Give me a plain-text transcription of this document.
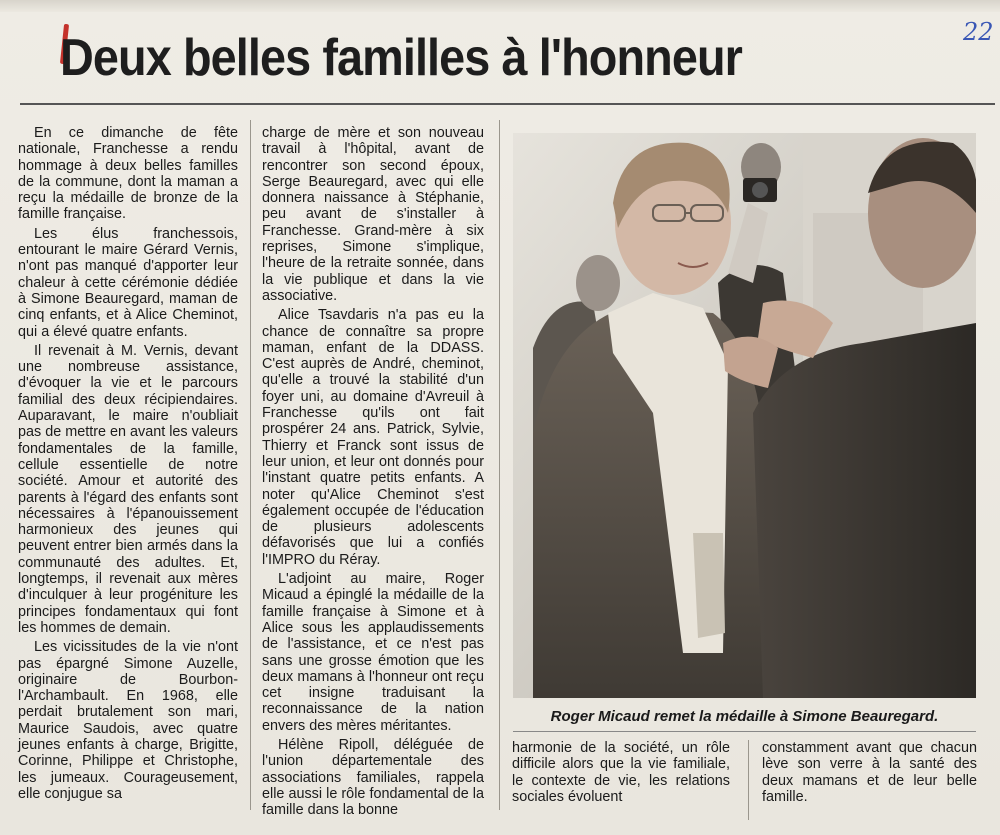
Deux belles familles à l'honneur	22

En ce dimanche de fête nationale, Franchesse a rendu hommage à deux belles familles de la commune, dont la maman a reçu la médaille de bronze de la famille française.

Les élus franchessois, entourant le maire Gérard Vernis, n'ont pas manqué d'apporter leur chaleur à cette cérémonie dédiée à Simone Beauregard, maman de cinq enfants, et à Alice Cheminot, qui a élevé quatre enfants.

Il revenait à M. Vernis, devant une nombreuse assistance, d'évoquer la vie et le parcours familial des deux récipiendaires. Auparavant, le maire n'oubliait pas de mettre en avant les valeurs fondamentales de la famille, cellule essentielle de notre société. Amour et autorité des parents à l'égard des enfants sont nécessaires à l'épanouissement harmonieux des jeunes qui peuvent entrer bien armés dans la communauté des adultes. Et, longtemps, il revenait aux mères d'inculquer à leur progéniture les principes fondamentaux qui font les hommes de demain.

Les vicissitudes de la vie n'ont pas épargné Simone Auzelle, originaire de Bourbon-l'Archambault. En 1968, elle perdait brutalement son mari, Maurice Saudois, avec quatre jeunes enfants à charge, Brigitte, Corinne, Philippe et Christophe, les jumeaux. Courageusement, elle conjugue sa

charge de mère et son nouveau travail à l'hôpital, avant de rencontrer son second époux, Serge Beauregard, avec qui elle donnera naissance à Stéphanie, peu avant de s'installer à Franchesse. Grand-mère à six reprises, Simone s'implique, l'heure de la retraite sonnée, dans la vie publique et dans la vie associative.

Alice Tsavdaris n'a pas eu la chance de connaître sa propre maman, enfant de la DDASS. C'est auprès de André, cheminot, qu'elle a trouvé la stabilité d'un foyer uni, au domaine d'Avreuil à Franchesse qu'ils ont fait prospérer 24 ans. Patrick, Sylvie, Thierry et Franck sont issus de leur union, et leur ont donnés pour l'instant quatre petits enfants. A noter qu'Alice Cheminot s'est également occupée de l'éducation de plusieurs adolescents défavorisés que lui a confiés l'IMPRO du Réray.

L'adjoint au maire, Roger Micaud a épinglé la médaille de la famille française à Simone et à Alice sous les applaudissements de l'assistance, et ce n'est pas sans une grosse émotion que les deux mamans à l'honneur ont reçu cet insigne traduisant la reconnaissance de la nation envers des mères méritantes.

Hélène Ripoll, déléguée de l'union départementale des associations familiales, rappela elle aussi le rôle fondamental de la famille dans la bonne

Roger Micaud remet la médaille à Simone Beauregard.

harmonie de la société, un rôle difficile alors que la vie familiale, le contexte de vie, les relations sociales évoluent

constamment avant que chacun lève son verre à la santé des deux mamans et de leur belle famille.
